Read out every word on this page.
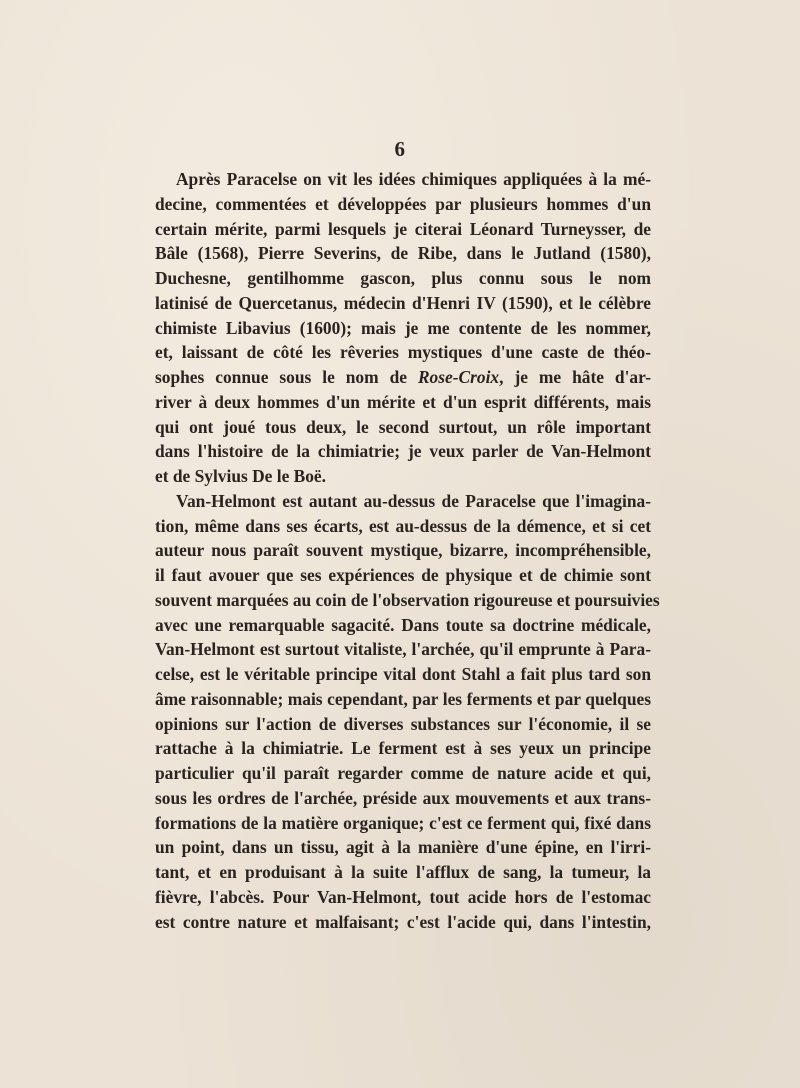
6
Après Paracelse on vit les idées chimiques appliquées à la mé-
decine, commentées et développées par plusieurs hommes d'un
certain mérite, parmi lesquels je citerai Léonard Turneysser, de
Bâle (1568), Pierre Severins, de Ribe, dans le Jutland (1580),
Duchesne, gentilhomme gascon, plus connu sous le nom
latinisé de Quercetanus, médecin d'Henri IV (1590), et le célèbre
chimiste Libavius (1600); mais je me contente de les nommer,
et, laissant de côté les rêveries mystiques d'une caste de théo-
sophes connue sous le nom de Rose-Croix, je me hâte d'ar-
river à deux hommes d'un mérite et d'un esprit différents, mais
qui ont joué tous deux, le second surtout, un rôle important
dans l'histoire de la chimiatrie; je veux parler de Van-Helmont
et de Sylvius De le Boë.
Van-Helmont est autant au-dessus de Paracelse que l'imagina-
tion, même dans ses écarts, est au-dessus de la démence, et si cet
auteur nous paraît souvent mystique, bizarre, incompréhensible,
il faut avouer que ses expériences de physique et de chimie sont
souvent marquées au coin de l'observation rigoureuse et poursuivies
avec une remarquable sagacité. Dans toute sa doctrine médicale,
Van-Helmont est surtout vitaliste, l'archée, qu'il emprunte à Para-
celse, est le véritable principe vital dont Stahl a fait plus tard son
âme raisonnable; mais cependant, par les ferments et par quelques
opinions sur l'action de diverses substances sur l'économie, il se
rattache à la chimiatrie. Le ferment est à ses yeux un principe
particulier qu'il paraît regarder comme de nature acide et qui,
sous les ordres de l'archée, préside aux mouvements et aux trans-
formations de la matière organique; c'est ce ferment qui, fixé dans
un point, dans un tissu, agit à la manière d'une épine, en l'irri-
tant, et en produisant à la suite l'afflux de sang, la tumeur, la
fièvre, l'abcès. Pour Van-Helmont, tout acide hors de l'estomac
est contre nature et malfaisant; c'est l'acide qui, dans l'intestin,
